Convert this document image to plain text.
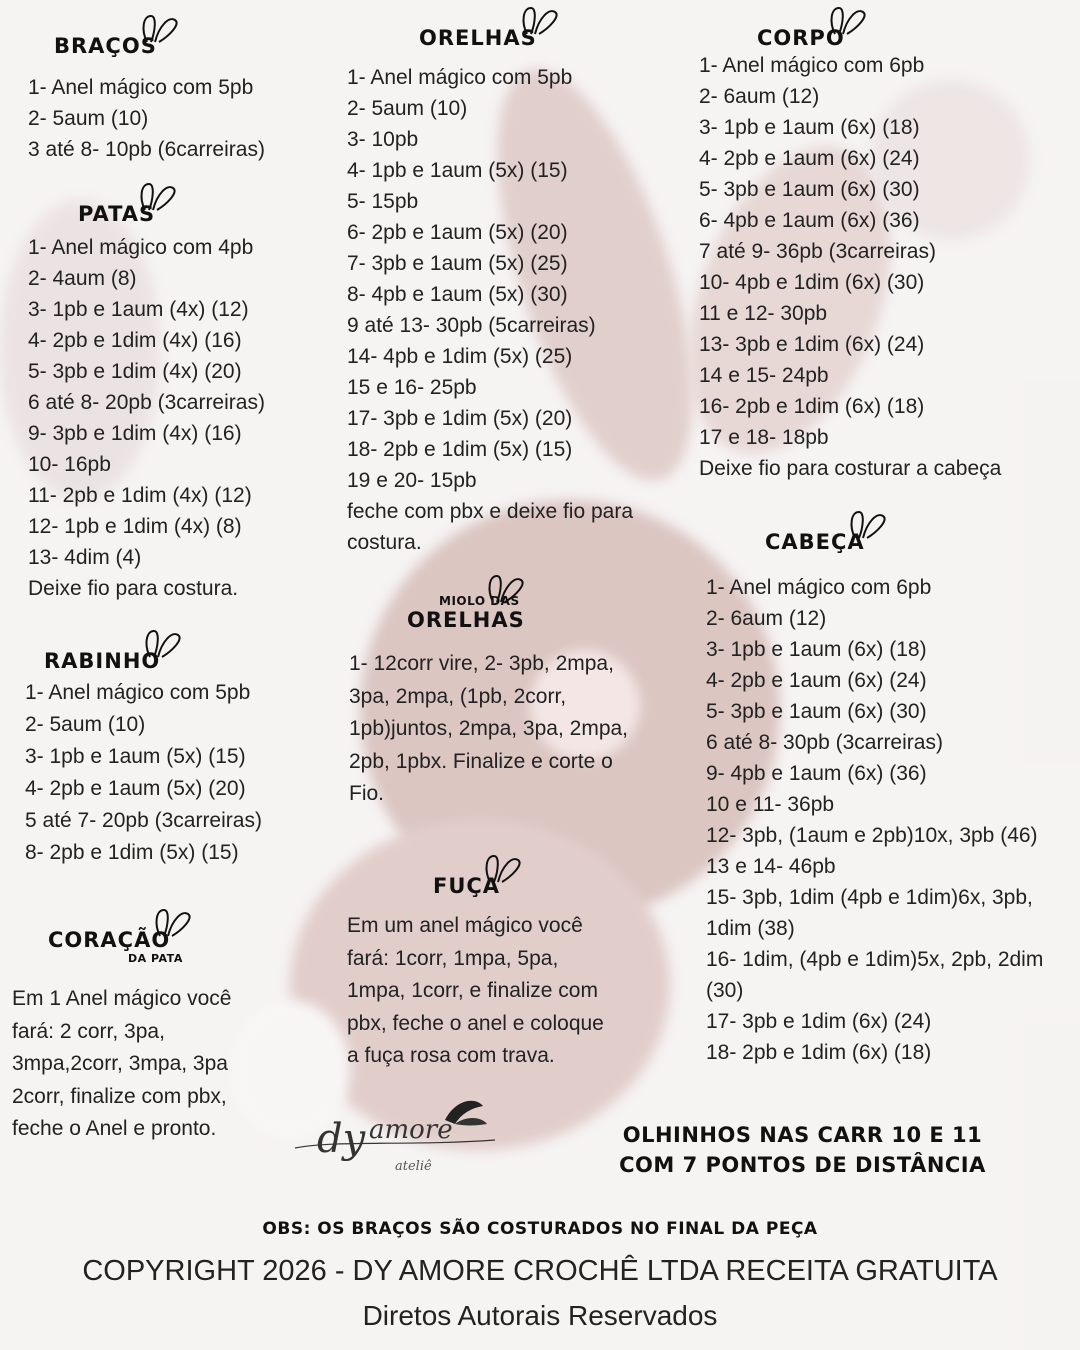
BRAÇOS
1- Anel mágico com 5pb
2- 5aum (10)
3 até 8- 10pb (6carreiras)
PATAS
1- Anel mágico com 4pb
2- 4aum (8)
3- 1pb e 1aum (4x) (12)
4- 2pb e 1dim (4x) (16)
5- 3pb e 1dim (4x) (20)
6 até 8- 20pb (3carreiras)
9- 3pb e 1dim (4x) (16)
10- 16pb
11- 2pb e 1dim (4x) (12)
12- 1pb e 1dim (4x) (8)
13- 4dim (4)
Deixe fio para costura.
RABINHO
1- Anel mágico com 5pb
2- 5aum (10)
3- 1pb e 1aum (5x) (15)
4- 2pb e 1aum (5x) (20)
5 até 7- 20pb (3carreiras)
8- 2pb e 1dim (5x) (15)
CORAÇÃO
DA PATA

Em 1 Anel mágico você fará: 2 corr, 3pa, 3mpa,2corr, 3mpa, 3pa 2corr, finalize com pbx, feche o Anel e pronto.

ORELHAS
1- Anel mágico com 5pb
2- 5aum (10)
3- 10pb
4- 1pb e 1aum (5x) (15)
5- 15pb
6- 2pb e 1aum (5x) (20)
7- 3pb e 1aum (5x) (25)
8- 4pb e 1aum (5x) (30)
9 até 13- 30pb (5carreiras)
14- 4pb e 1dim (5x) (25)
15 e 16- 25pb
17- 3pb e 1dim (5x) (20)
18- 2pb e 1dim (5x) (15)
19 e 20- 15pb
feche com pbx e deixe fio para
costura.
MIOLO DAS
ORELHAS

1- 12corr vire, 2- 3pb, 2mpa, 3pa, 2mpa, (1pb, 2corr, 1pb)juntos, 2mpa, 3pa, 2mpa, 2pb, 1pbx. Finalize e corte o Fio.

FUÇA

Em um anel mágico você fará: 1corr, 1mpa, 5pa, 1mpa, 1corr, e finalize com pbx, feche o anel e coloque a fuça rosa com trava.

CORPO
1- Anel mágico com 6pb
2- 6aum (12)
3- 1pb e 1aum (6x) (18)
4- 2pb e 1aum (6x) (24)
5- 3pb e 1aum (6x) (30)
6- 4pb e 1aum (6x) (36)
7 até 9- 36pb (3carreiras)
10- 4pb e 1dim (6x) (30)
11 e 12- 30pb
13- 3pb e 1dim (6x) (24)
14 e 15- 24pb
16- 2pb e 1dim (6x) (18)
17 e 18- 18pb
Deixe fio para costurar a cabeça
CABEÇA
1- Anel mágico com 6pb
2- 6aum (12)
3- 1pb e 1aum (6x) (18)
4- 2pb e 1aum (6x) (24)
5- 3pb e 1aum (6x) (30)
6 até 8- 30pb (3carreiras)
9- 4pb e 1aum (6x) (36)
10 e 11- 36pb
12- 3pb, (1aum e 2pb)10x, 3pb (46)
13 e 14- 46pb
15- 3pb, 1dim (4pb e 1dim)6x, 3pb,
1dim (38)
16- 1dim, (4pb e 1dim)5x, 2pb, 2dim
(30)
17- 3pb e 1dim (6x) (24)
18- 2pb e 1dim (6x) (18)
dy amore
ateliê
OLHINHOS NAS CARR 10 E 11
COM 7 PONTOS DE DISTÂNCIA
OBS: OS BRAÇOS SÃO COSTURADOS NO FINAL DA PEÇA
COPYRIGHT 2026 - DY AMORE CROCHÊ LTDA RECEITA GRATUITA
Diretos Autorais Reservados
